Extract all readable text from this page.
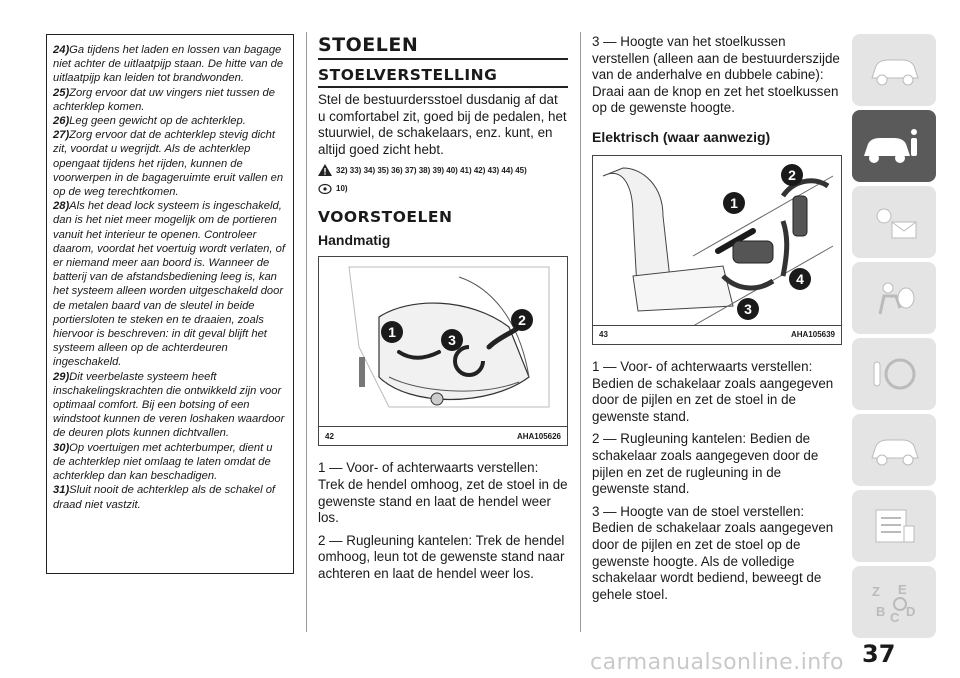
24)Ga tijdens het laden en lossen van bagage niet achter de uitlaatpijp staan. De hitte van de uitlaatpijp kan leiden tot brandwonden.

25)Zorg ervoor dat uw vingers niet tussen de achterklep komen.

26)Leg geen gewicht op de achterklep.

27)Zorg ervoor dat de achterklep stevig dicht zit, voordat u wegrijdt. Als de achterklep opengaat tijdens het rijden, kunnen de voorwerpen in de bagageruimte eruit vallen en op de weg terechtkomen.

28)Als het dead lock systeem is ingeschakeld, dan is het niet meer mogelijk om de portieren vanuit het interieur te openen. Controleer daarom, voordat het voertuig wordt verlaten, of er niemand meer aan boord is. Wanneer de batterij van de afstandsbediening leeg is, kan het systeem alleen worden uitgeschakeld door de metalen baard van de sleutel in beide portiersloten te steken en te draaien, zoals hiervoor is beschreven: in dit geval blijft het systeem alleen op de achterdeuren ingeschakeld.

29)Dit veerbelaste systeem heeft inschakelingskrachten die ontwikkeld zijn voor optimaal comfort. Bij een botsing of een windstoot kunnen de veren loshaken waardoor de deuren plots kunnen dichtvallen.

30)Op voertuigen met achterbumper, dient u de achterklep niet omlaag te laten omdat de achterklep dan kan beschadigen.

31)Sluit nooit de achterklep als de schakel of draad niet vastzit.

STOELEN
STOELVERSTELLING

Stel de bestuurdersstoel dusdanig af dat u comfortabel zit, goed bij de pedalen, het stuurwiel, de schakelaars, enz. kunt, en altijd goed zicht hebt.

32) 33) 34) 35) 36) 37) 38) 39) 40) 41) 42) 43) 44) 45)
10)
VOORSTOELEN
Handmatig
1
2
3
42	AHA105626

1 — Voor- of achterwaarts verstellen: Trek de hendel omhoog, zet de stoel in de gewenste stand en laat de hendel weer los.

2 — Rugleuning kantelen: Trek de hendel omhoog, leun tot de gewenste stand naar achteren en laat de hendel weer los.

3 — Hoogte van het stoelkussen verstellen (alleen aan de bestuurderszijde van de anderhalve en dubbele cabine): Draai aan de knop en zet het stoelkussen op de gewenste hoogte.

Elektrisch (waar aanwezig)
1
2
3
4
43	AHA105639

1 — Voor- of achterwaarts verstellen: Bedien de schakelaar zoals aangegeven door de pijlen en zet de stoel in de gewenste stand.

2 — Rugleuning kantelen: Bedien de schakelaar zoals aangegeven door de pijlen en zet de rugleuning in de gewenste stand.

3 — Hoogte van de stoel verstellen: Bedien de schakelaar zoals aangegeven door de pijlen en zet de stoel op de gewenste hoogte. Als de volledige schakelaar wordt bediend, beweegt de gehele stoel.	Z E
B C D
37
carmanualsonline.info
